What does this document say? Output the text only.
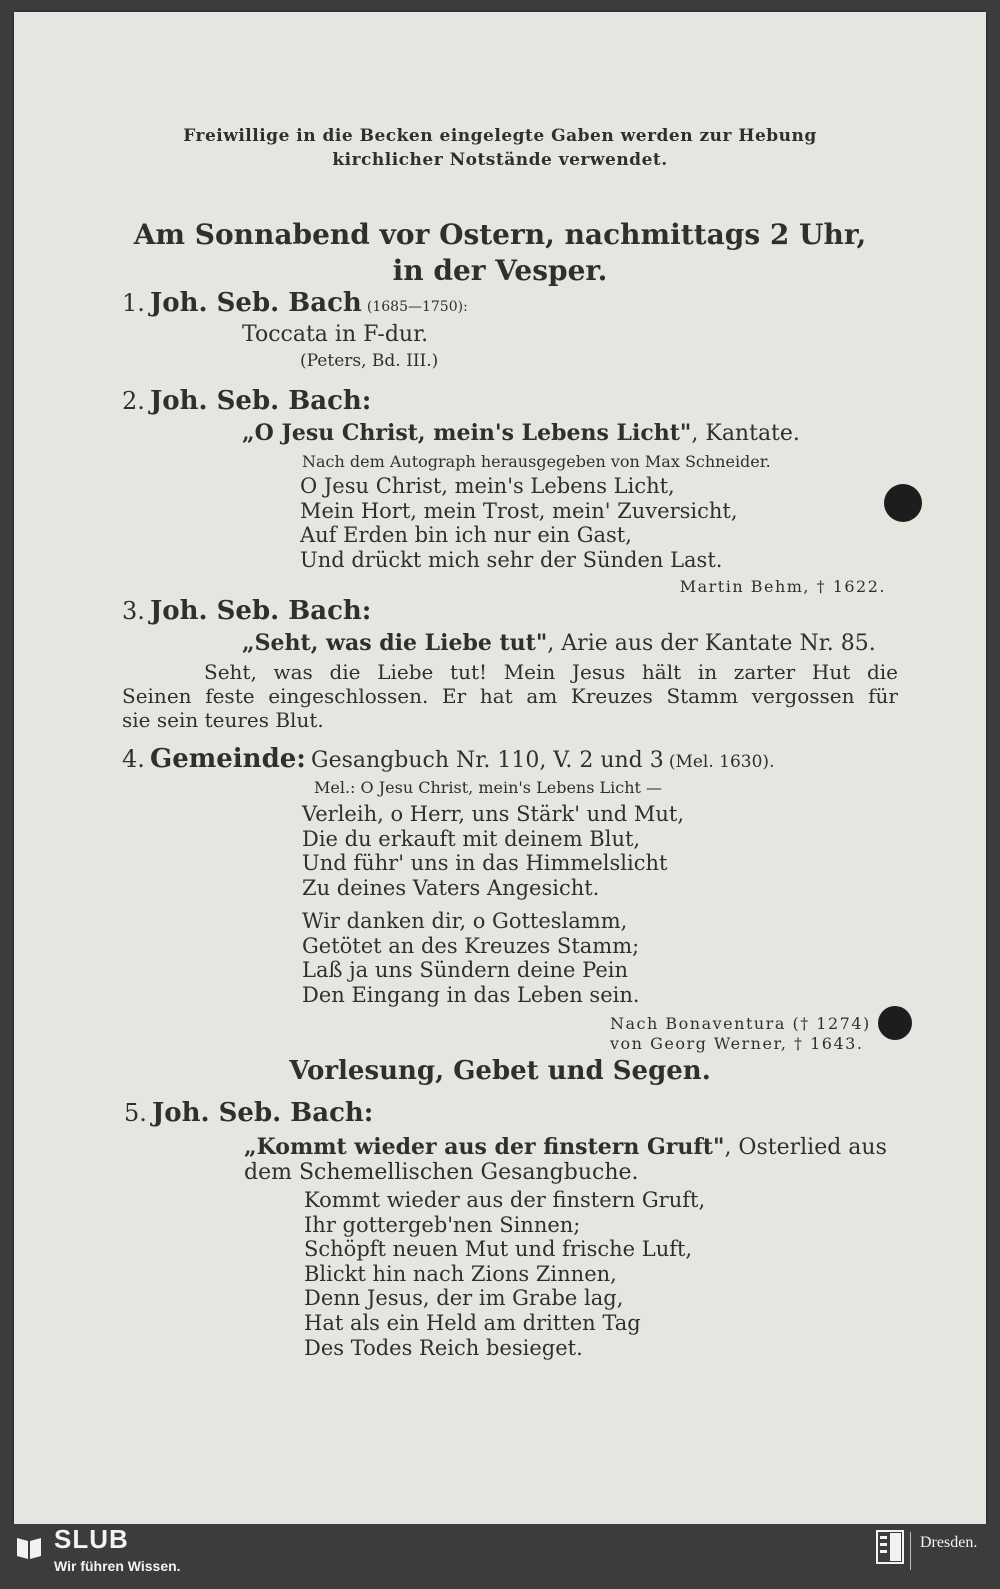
Freiwillige in die Becken eingelegte Gaben werden zur Hebung
kirchlicher Notstände verwendet.
Am Sonnabend vor Ostern, nachmittags 2 Uhr,
in der Vesper.
1. Joh. Seb. Bach (1685—1750):
Toccata in F-dur.
(Peters, Bd. III.)
2. Joh. Seb. Bach:
„O Jesu Christ, mein's Lebens Licht", Kantate.
Nach dem Autograph herausgegeben von Max Schneider.
O Jesu Christ, mein's Lebens Licht,
Mein Hort, mein Trost, mein' Zuversicht,
Auf Erden bin ich nur ein Gast,
Und drückt mich sehr der Sünden Last.
Martin Behm, † 1622.
3. Joh. Seb. Bach:
„Seht, was die Liebe tut", Arie aus der Kantate Nr. 85.
Seht, was die Liebe tut! Mein Jesus hält in zarter Hut die
Seinen feste eingeschlossen. Er hat am Kreuzes Stamm vergossen für
sie sein teures Blut.
4. Gemeinde: Gesangbuch Nr. 110, V. 2 und 3 (Mel. 1630).
Mel.: O Jesu Christ, mein's Lebens Licht —
Verleih, o Herr, uns Stärk' und Mut,
Die du erkauft mit deinem Blut,
Und führ' uns in das Himmelslicht
Zu deines Vaters Angesicht.
Wir danken dir, o Gotteslamm,
Getötet an des Kreuzes Stamm;
Laß ja uns Sündern deine Pein
Den Eingang in das Leben sein.
Nach Bonaventura († 1274)
von Georg Werner, † 1643.
Vorlesung, Gebet und Segen.
5. Joh. Seb. Bach:
„Kommt wieder aus der finstern Gruft", Osterlied aus
dem Schemellischen Gesangbuche.
Kommt wieder aus der finstern Gruft,
Ihr gottergeb'nen Sinnen;
Schöpft neuen Mut und frische Luft,
Blickt hin nach Zions Zinnen,
Denn Jesus, der im Grabe lag,
Hat als ein Held am dritten Tag
Des Todes Reich besieget.
SLUB
Wir führen Wissen.
Dresden.
